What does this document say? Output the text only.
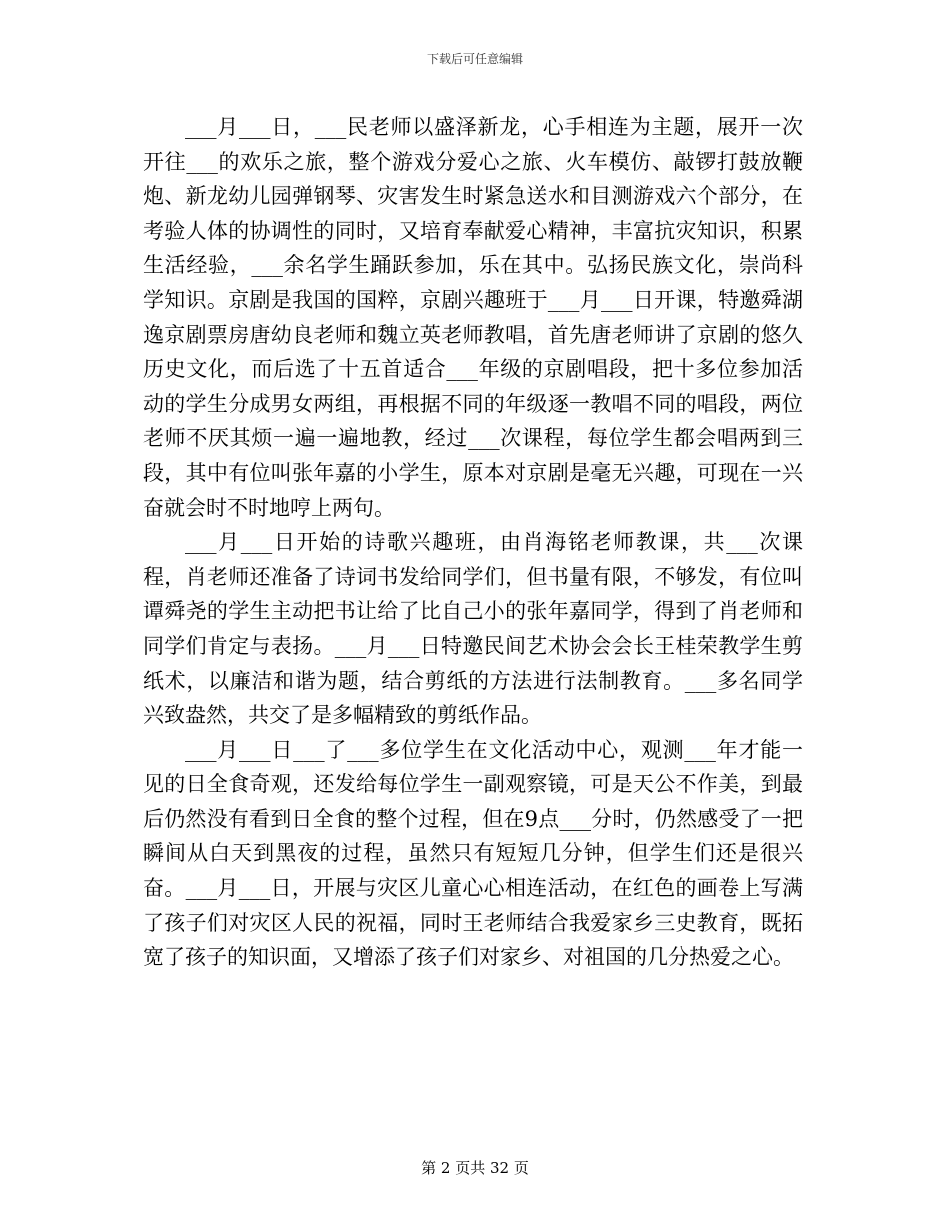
下载后可任意编辑

___月___日，___民老师以盛泽新龙，心手相连为主题，展开一次开往___的欢乐之旅，整个游戏分爱心之旅、火车模仿、敲锣打鼓放鞭炮、新龙幼儿园弹钢琴、灾害发生时紧急送水和目测游戏六个部分，在考验人体的协调性的同时，又培育奉献爱心精神，丰富抗灾知识，积累生活经验，___余名学生踊跃参加，乐在其中。弘扬民族文化，崇尚科学知识。京剧是我国的国粹，京剧兴趣班于___月___日开课，特邀舜湖逸京剧票房唐幼良老师和魏立英老师教唱，首先唐老师讲了京剧的悠久历史文化，而后选了十五首适合___年级的京剧唱段，把十多位参加活动的学生分成男女两组，再根据不同的年级逐一教唱不同的唱段，两位老师不厌其烦一遍一遍地教，经过___次课程，每位学生都会唱两到三段，其中有位叫张年嘉的小学生，原本对京剧是毫无兴趣，可现在一兴奋就会时不时地哼上两句。

___月___日开始的诗歌兴趣班，由肖海铭老师教课，共___次课程，肖老师还准备了诗词书发给同学们，但书量有限，不够发，有位叫谭舜尧的学生主动把书让给了比自己小的张年嘉同学，得到了肖老师和同学们肯定与表扬。___月___日特邀民间艺术协会会长王桂荣教学生剪纸术，以廉洁和谐为题，结合剪纸的方法进行法制教育。___多名同学兴致盎然，共交了是多幅精致的剪纸作品。

___月___日___了___多位学生在文化活动中心，观测___年才能一见的日全食奇观，还发给每位学生一副观察镜，可是天公不作美，到最后仍然没有看到日全食的整个过程，但在9点___分时，仍然感受了一把瞬间从白天到黑夜的过程，虽然只有短短几分钟，但学生们还是很兴奋。___月___日，开展与灾区儿童心心相连活动，在红色的画卷上写满了孩子们对灾区人民的祝福，同时王老师结合我爱家乡三史教育，既拓宽了孩子的知识面，又增添了孩子们对家乡、对祖国的几分热爱之心。

第 2 页共 32 页
